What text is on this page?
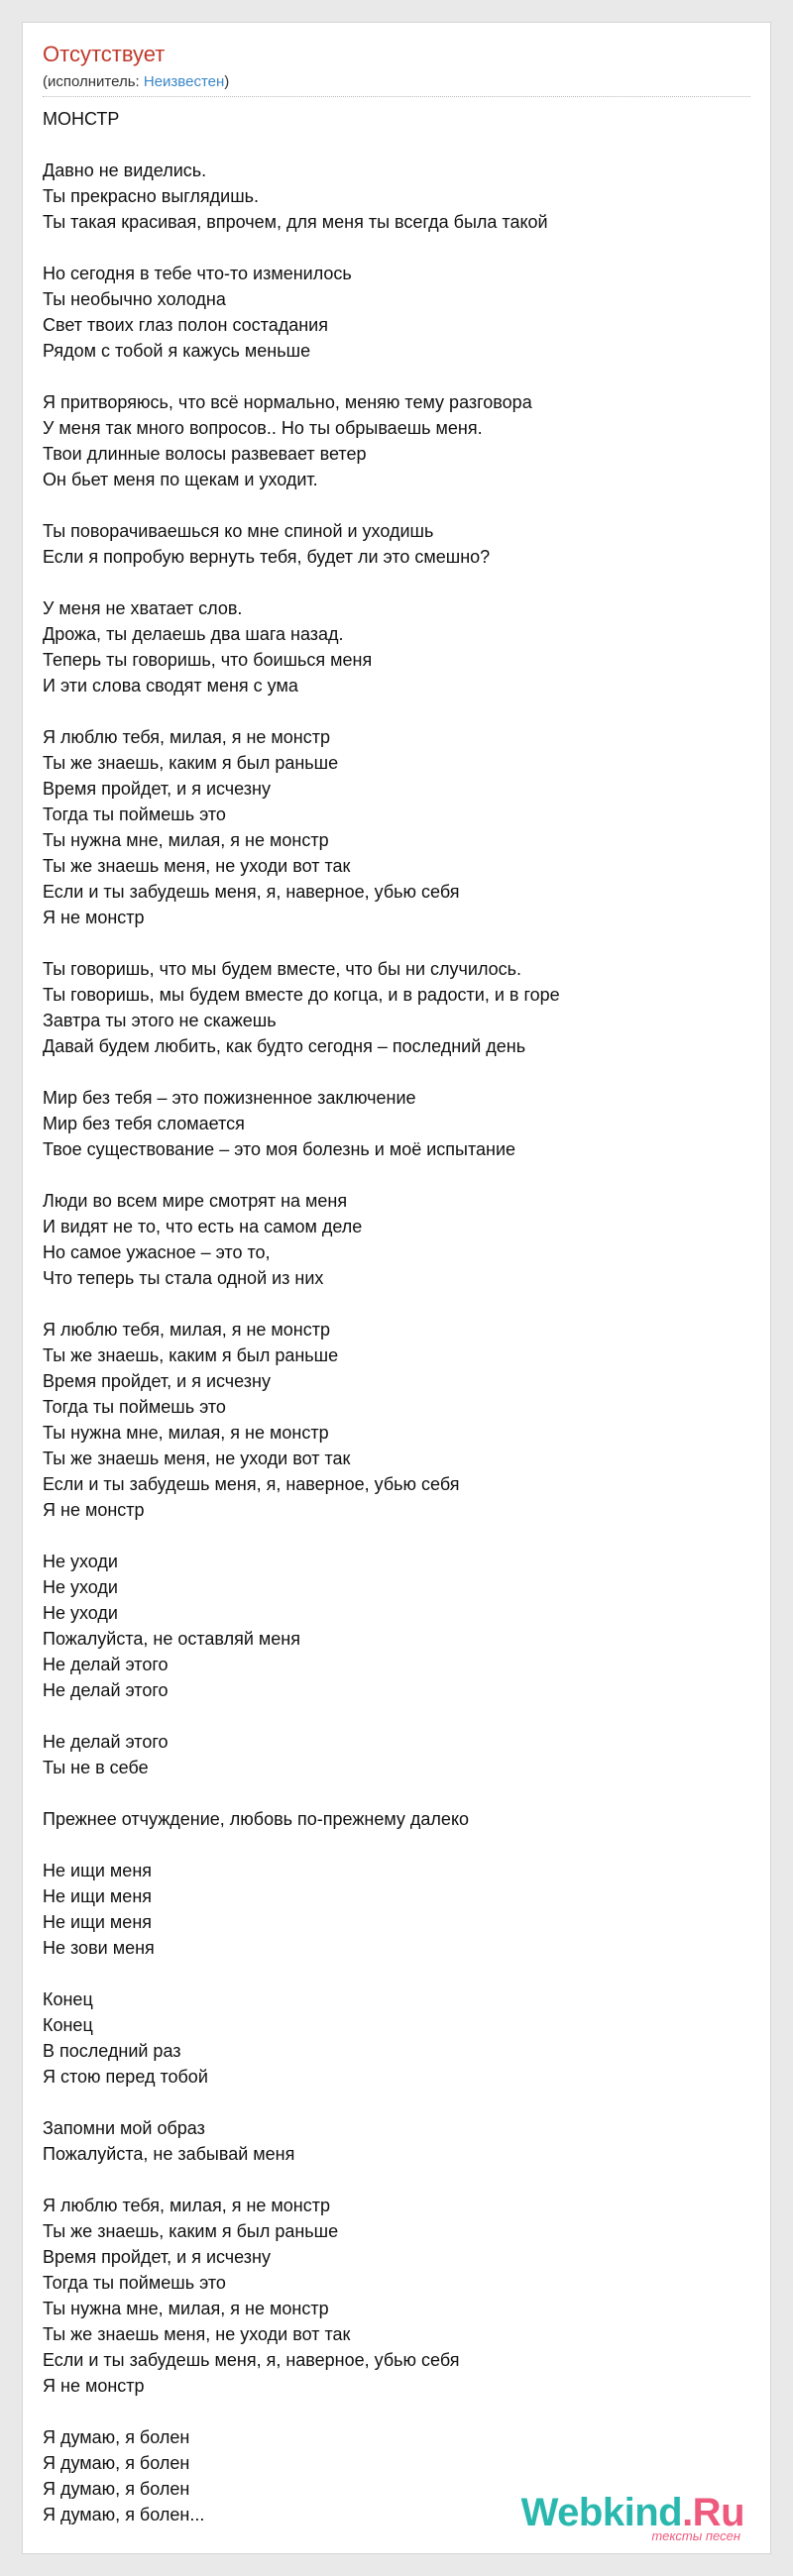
Отсутствует
(исполнитель: Неизвестен)
МОНСТР
Давно не виделись.
Ты прекрасно выглядишь.
Ты такая красивая, впрочем, для меня ты всегда была такой
Но сегодня в тебе что-то изменилось
Ты необычно холодна
Свет твоих глаз полон состадания
Рядом с тобой я кажусь меньше
Я притворяюсь, что всё нормально, меняю тему разговора
У меня так много вопросов.. Но ты обрываешь меня.
Твои длинные волосы развевает ветер
Он бьет меня по щекам и уходит.
Ты поворачиваешься ко мне спиной и уходишь
Если я попробую вернуть тебя, будет ли это смешно?
У меня не хватает слов.
Дрожа, ты делаешь два шага назад.
Теперь ты говоришь, что боишься меня
И эти слова сводят меня с ума
Я люблю тебя, милая, я не монстр
Ты же знаешь, каким я был раньше
Время пройдет, и я исчезну
Тогда ты поймешь это
Ты нужна мне, милая, я не монстр
Ты же знаешь меня, не уходи вот так
Если и ты забудешь меня, я, наверное, убью себя
Я не монстр
Ты говоришь, что мы будем вместе, что бы ни случилось.
Ты говоришь, мы будем вместе до когца, и в радости, и в горе
Завтра ты этого не скажешь
Давай будем любить, как будто сегодня – последний день
Мир без тебя – это пожизненное заключение
Мир без тебя сломается
Твое существование – это моя болезнь и моё испытание
Люди во всем мире смотрят на меня
И видят не то, что есть на самом деле
Но самое ужасное – это то,
Что теперь ты стала одной из них
Я люблю тебя, милая, я не монстр
Ты же знаешь, каким я был раньше
Время пройдет, и я исчезну
Тогда ты поймешь это
Ты нужна мне, милая, я не монстр
Ты же знаешь меня, не уходи вот так
Если и ты забудешь меня, я, наверное, убью себя
Я не монстр
Не уходи
Не уходи
Не уходи
Пожалуйста, не оставляй меня
Не делай этого
Не делай этого
Не делай этого
Ты не в себе
Прежнее отчуждение, любовь по-прежнему далеко
Не ищи меня
Не ищи меня
Не ищи меня
Не зови меня
Конец
Конец
В последний раз
Я стою перед тобой
Запомни мой образ
Пожалуйста, не забывай меня
Я люблю тебя, милая, я не монстр
Ты же знаешь, каким я был раньше
Время пройдет, и я исчезну
Тогда ты поймешь это
Ты нужна мне, милая, я не монстр
Ты же знаешь меня, не уходи вот так
Если и ты забудешь меня, я, наверное, убью себя
Я не монстр
Я думаю, я болен
Я думаю, я болен
Я думаю, я болен
Я думаю, я болен...	Webkind.Ru
тексты песен
